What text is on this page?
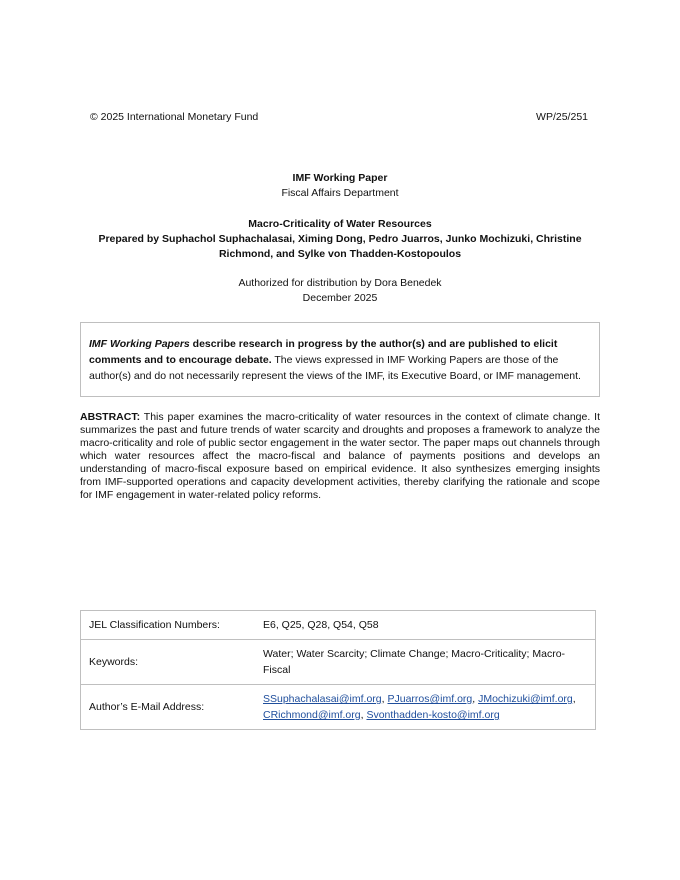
© 2025 International Monetary Fund	WP/25/251
IMF Working Paper
Fiscal Affairs Department
Macro-Criticality of Water Resources
Prepared by Suphachol Suphachalasai, Ximing Dong, Pedro Juarros, Junko Mochizuki, Christine
Richmond, and Sylke von Thadden-Kostopoulos
Authorized for distribution by Dora Benedek
December 2025
IMF Working Papers describe research in progress by the author(s) and are published to elicit comments and to encourage debate. The views expressed in IMF Working Papers are those of the author(s) and do not necessarily represent the views of the IMF, its Executive Board, or IMF management.
ABSTRACT: This paper examines the macro-criticality of water resources in the context of climate change. It summarizes the past and future trends of water scarcity and droughts and proposes a framework to analyze the macro-criticality and role of public sector engagement in the water sector. The paper maps out channels through which water resources affect the macro-fiscal and balance of payments positions and develops an understanding of macro-fiscal exposure based on empirical evidence. It also synthesizes emerging insights from IMF-supported operations and capacity development activities, thereby clarifying the rationale and scope for IMF engagement in water-related policy reforms.
JEL Classification Numbers:	E6, Q25, Q28, Q54, Q58
Keywords:	Water; Water Scarcity; Climate Change; Macro-Criticality; Macro-Fiscal
Author’s E-Mail Address:	SSuphachalasai@imf.org, PJuarros@imf.org, JMochizuki@imf.org,
CRichmond@imf.org, Svonthadden-kosto@imf.org
